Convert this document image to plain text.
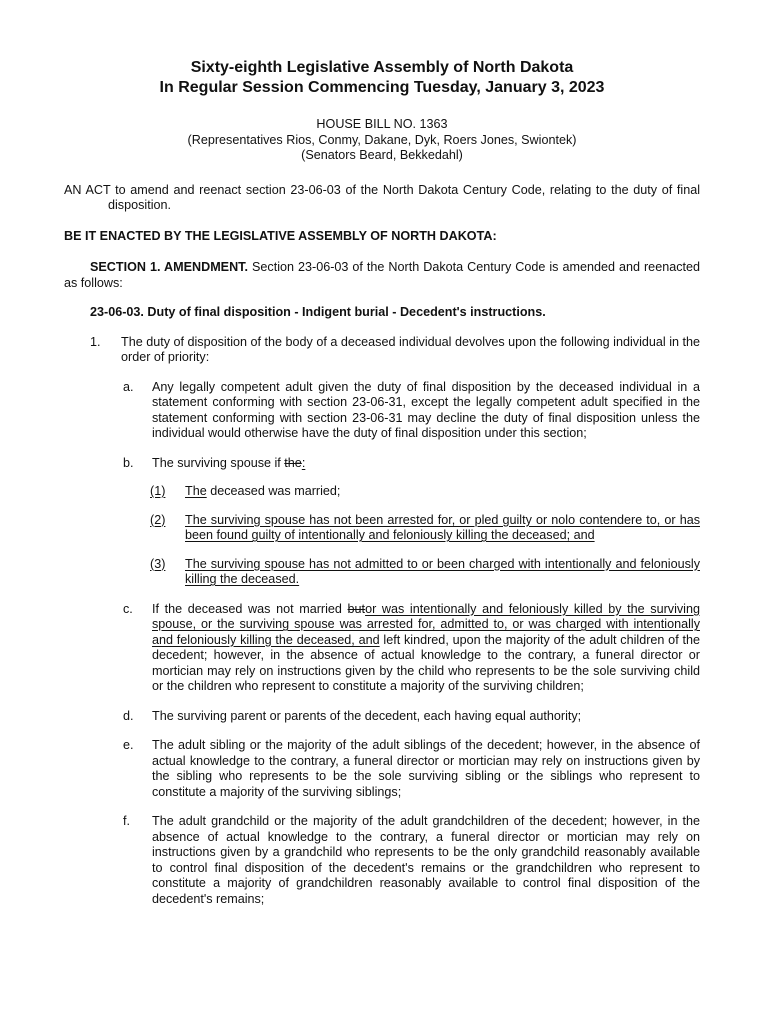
Sixty-eighth Legislative Assembly of North Dakota
In Regular Session Commencing Tuesday, January 3, 2023
HOUSE BILL NO. 1363
(Representatives Rios, Conmy, Dakane, Dyk, Roers Jones, Swiontek)
(Senators Beard, Bekkedahl)
AN ACT to amend and reenact section 23-06-03 of the North Dakota Century Code, relating to the duty of final disposition.
BE IT ENACTED BY THE LEGISLATIVE ASSEMBLY OF NORTH DAKOTA:
SECTION 1. AMENDMENT. Section 23-06-03 of the North Dakota Century Code is amended and reenacted as follows:
23-06-03. Duty of final disposition - Indigent burial - Decedent's instructions.
1. The duty of disposition of the body of a deceased individual devolves upon the following individual in the order of priority:
a. Any legally competent adult given the duty of final disposition by the deceased individual in a statement conforming with section 23-06-31, except the legally competent adult specified in the statement conforming with section 23-06-31 may decline the duty of final disposition unless the individual would otherwise have the duty of final disposition under this section;
b. The surviving spouse if the:
(1) The deceased was married;
(2) The surviving spouse has not been arrested for, or pled guilty or nolo contendere to, or has been found guilty of intentionally and feloniously killing the deceased; and
(3) The surviving spouse has not admitted to or been charged with intentionally and feloniously killing the deceased.
c. If the deceased was not married butor was intentionally and feloniously killed by the surviving spouse, or the surviving spouse was arrested for, admitted to, or was charged with intentionally and feloniously killing the deceased, and left kindred, upon the majority of the adult children of the decedent; however, in the absence of actual knowledge to the contrary, a funeral director or mortician may rely on instructions given by the child who represents to be the sole surviving child or the children who represent to constitute a majority of the surviving children;
d. The surviving parent or parents of the decedent, each having equal authority;
e. The adult sibling or the majority of the adult siblings of the decedent; however, in the absence of actual knowledge to the contrary, a funeral director or mortician may rely on instructions given by the sibling who represents to be the sole surviving sibling or the siblings who represent to constitute a majority of the surviving siblings;
f. The adult grandchild or the majority of the adult grandchildren of the decedent; however, in the absence of actual knowledge to the contrary, a funeral director or mortician may rely on instructions given by a grandchild who represents to be the only grandchild reasonably available to control final disposition of the decedent's remains or the grandchildren who represent to constitute a majority of grandchildren reasonably available to control final disposition of the decedent's remains;
